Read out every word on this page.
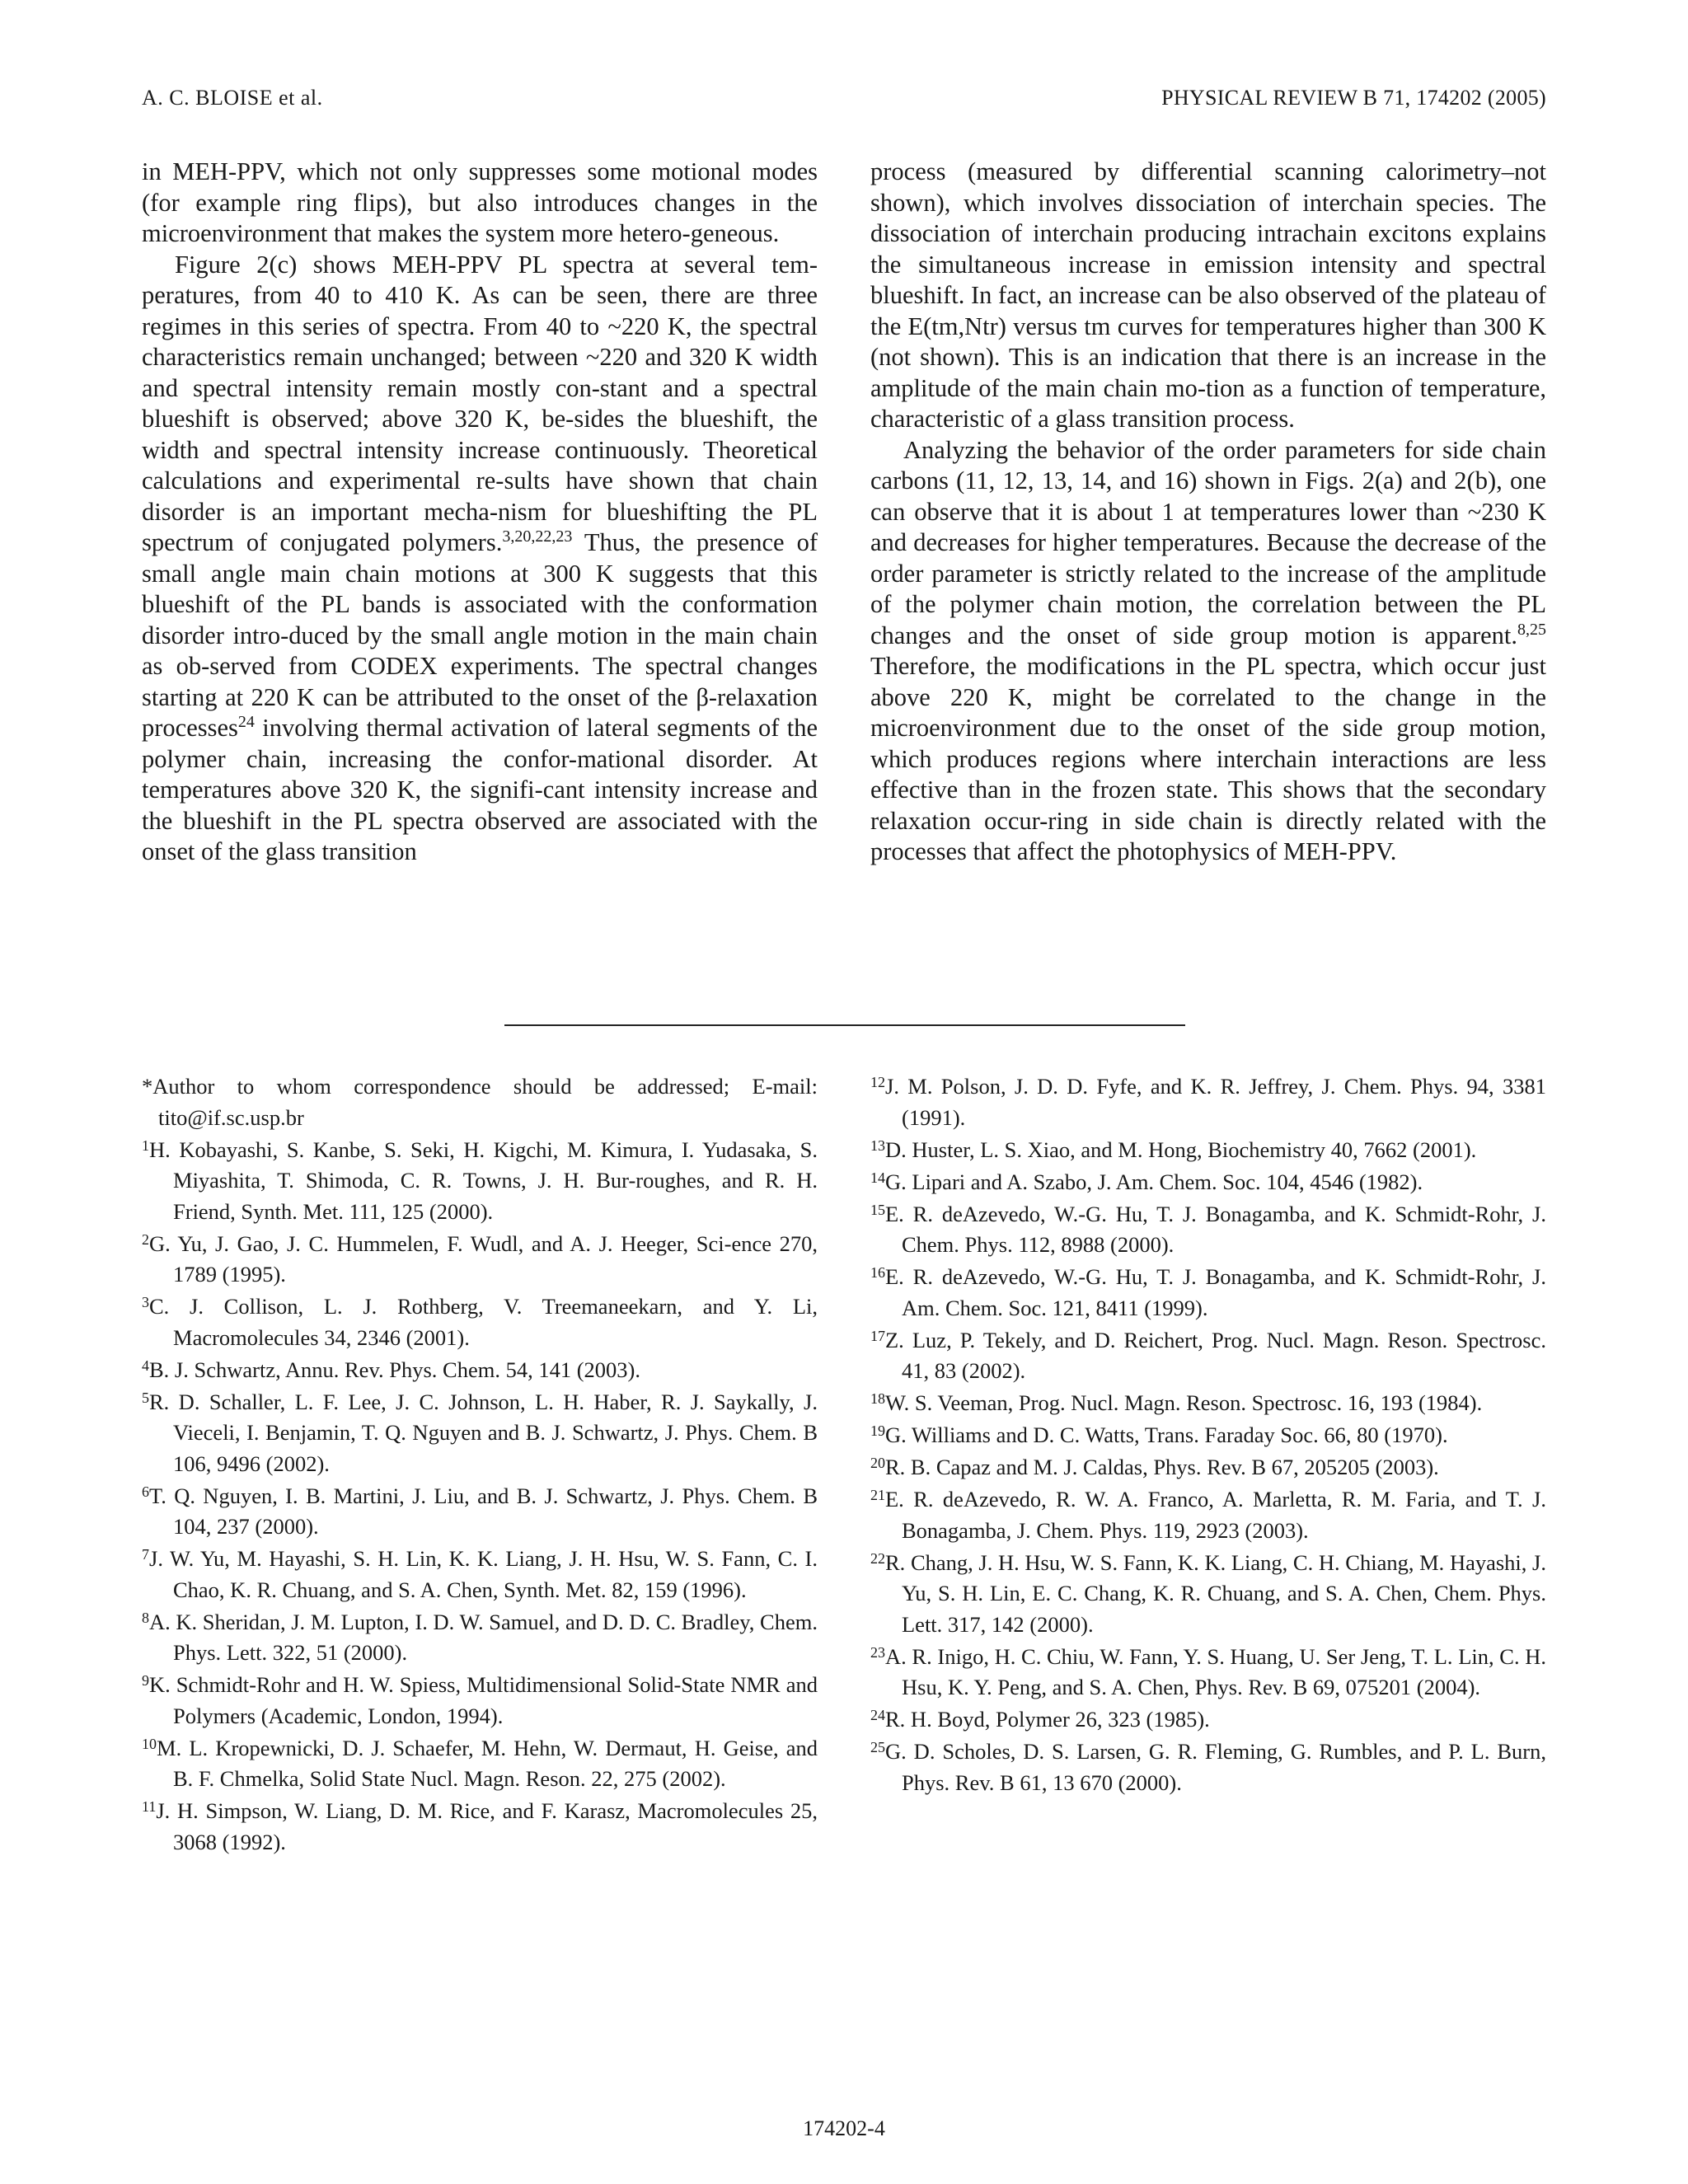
A. C. BLOISE et al.	PHYSICAL REVIEW B 71, 174202 (2005)

in MEH-PPV, which not only suppresses some motional modes (for example ring flips), but also introduces changes in the microenvironment that makes the system more hetero-geneous.

Figure 2(c) shows MEH-PPV PL spectra at several tem-peratures, from 40 to 410 K. As can be seen, there are three regimes in this series of spectra. From 40 to ~220 K, the spectral characteristics remain unchanged; between ~220 and 320 K width and spectral intensity remain mostly con-stant and a spectral blueshift is observed; above 320 K, be-sides the blueshift, the width and spectral intensity increase continuously. Theoretical calculations and experimental re-sults have shown that chain disorder is an important mecha-nism for blueshifting the PL spectrum of conjugated polymers.$^{3,20,22,23}$ Thus, the presence of small angle main chain motions at 300 K suggests that this blueshift of the PL bands is associated with the conformation disorder intro-duced by the small angle motion in the main chain as ob-served from CODEX experiments. The spectral changes starting at 220 K can be attributed to the onset of the β-relaxation processes$^{24}$ involving thermal activation of lateral segments of the polymer chain, increasing the confor-mational disorder. At temperatures above 320 K, the signifi-cant intensity increase and the blueshift in the PL spectra observed are associated with the onset of the glass transition

process (measured by differential scanning calorimetry–not shown), which involves dissociation of interchain species. The dissociation of interchain producing intrachain excitons explains the simultaneous increase in emission intensity and spectral blueshift. In fact, an increase can be also observed of the plateau of the E(tm,Ntr) versus tm curves for temperatures higher than 300 K (not shown). This is an indication that there is an increase in the amplitude of the main chain mo-tion as a function of temperature, characteristic of a glass transition process.

Analyzing the behavior of the order parameters for side chain carbons (11, 12, 13, 14, and 16) shown in Figs. 2(a) and 2(b), one can observe that it is about 1 at temperatures lower than ~230 K and decreases for higher temperatures. Because the decrease of the order parameter is strictly related to the increase of the amplitude of the polymer chain motion, the correlation between the PL changes and the onset of side group motion is apparent.$^{8,25}$ Therefore, the modifications in the PL spectra, which occur just above 220 K, might be correlated to the change in the microenvironment due to the onset of the side group motion, which produces regions where interchain interactions are less effective than in the frozen state. This shows that the secondary relaxation occur-ring in side chain is directly related with the processes that affect the photophysics of MEH-PPV.

*Author to whom correspondence should be addressed; E-mail: tito@if.sc.usp.br
$^1$H. Kobayashi, S. Kanbe, S. Seki, H. Kigchi, M. Kimura, I. Yudasaka, S. Miyashita, T. Shimoda, C. R. Towns, J. H. Bur-roughes, and R. H. Friend, Synth. Met. 111, 125 (2000).
$^2$G. Yu, J. Gao, J. C. Hummelen, F. Wudl, and A. J. Heeger, Sci-ence 270, 1789 (1995).
$^3$C. J. Collison, L. J. Rothberg, V. Treemaneekarn, and Y. Li, Macromolecules 34, 2346 (2001).
$^4$B. J. Schwartz, Annu. Rev. Phys. Chem. 54, 141 (2003).
$^5$R. D. Schaller, L. F. Lee, J. C. Johnson, L. H. Haber, R. J. Saykally, J. Vieceli, I. Benjamin, T. Q. Nguyen and B. J. Schwartz, J. Phys. Chem. B 106, 9496 (2002).
$^6$T. Q. Nguyen, I. B. Martini, J. Liu, and B. J. Schwartz, J. Phys. Chem. B 104, 237 (2000).
$^7$J. W. Yu, M. Hayashi, S. H. Lin, K. K. Liang, J. H. Hsu, W. S. Fann, C. I. Chao, K. R. Chuang, and S. A. Chen, Synth. Met. 82, 159 (1996).
$^8$A. K. Sheridan, J. M. Lupton, I. D. W. Samuel, and D. D. C. Bradley, Chem. Phys. Lett. 322, 51 (2000).
$^9$K. Schmidt-Rohr and H. W. Spiess, Multidimensional Solid-State NMR and Polymers (Academic, London, 1994).
$^{10}$M. L. Kropewnicki, D. J. Schaefer, M. Hehn, W. Dermaut, H. Geise, and B. F. Chmelka, Solid State Nucl. Magn. Reson. 22, 275 (2002).
$^{11}$J. H. Simpson, W. Liang, D. M. Rice, and F. Karasz, Macromolecules 25, 3068 (1992).
$^{12}$J. M. Polson, J. D. D. Fyfe, and K. R. Jeffrey, J. Chem. Phys. 94, 3381 (1991).
$^{13}$D. Huster, L. S. Xiao, and M. Hong, Biochemistry 40, 7662 (2001).
$^{14}$G. Lipari and A. Szabo, J. Am. Chem. Soc. 104, 4546 (1982).
$^{15}$E. R. deAzevedo, W.-G. Hu, T. J. Bonagamba, and K. Schmidt-Rohr, J. Chem. Phys. 112, 8988 (2000).
$^{16}$E. R. deAzevedo, W.-G. Hu, T. J. Bonagamba, and K. Schmidt-Rohr, J. Am. Chem. Soc. 121, 8411 (1999).
$^{17}$Z. Luz, P. Tekely, and D. Reichert, Prog. Nucl. Magn. Reson. Spectrosc. 41, 83 (2002).
$^{18}$W. S. Veeman, Prog. Nucl. Magn. Reson. Spectrosc. 16, 193 (1984).
$^{19}$G. Williams and D. C. Watts, Trans. Faraday Soc. 66, 80 (1970).
$^{20}$R. B. Capaz and M. J. Caldas, Phys. Rev. B 67, 205205 (2003).
$^{21}$E. R. deAzevedo, R. W. A. Franco, A. Marletta, R. M. Faria, and T. J. Bonagamba, J. Chem. Phys. 119, 2923 (2003).
$^{22}$R. Chang, J. H. Hsu, W. S. Fann, K. K. Liang, C. H. Chiang, M. Hayashi, J. Yu, S. H. Lin, E. C. Chang, K. R. Chuang, and S. A. Chen, Chem. Phys. Lett. 317, 142 (2000).
$^{23}$A. R. Inigo, H. C. Chiu, W. Fann, Y. S. Huang, U. Ser Jeng, T. L. Lin, C. H. Hsu, K. Y. Peng, and S. A. Chen, Phys. Rev. B 69, 075201 (2004).
$^{24}$R. H. Boyd, Polymer 26, 323 (1985).
$^{25}$G. D. Scholes, D. S. Larsen, G. R. Fleming, G. Rumbles, and P. L. Burn, Phys. Rev. B 61, 13 670 (2000).
174202-4
